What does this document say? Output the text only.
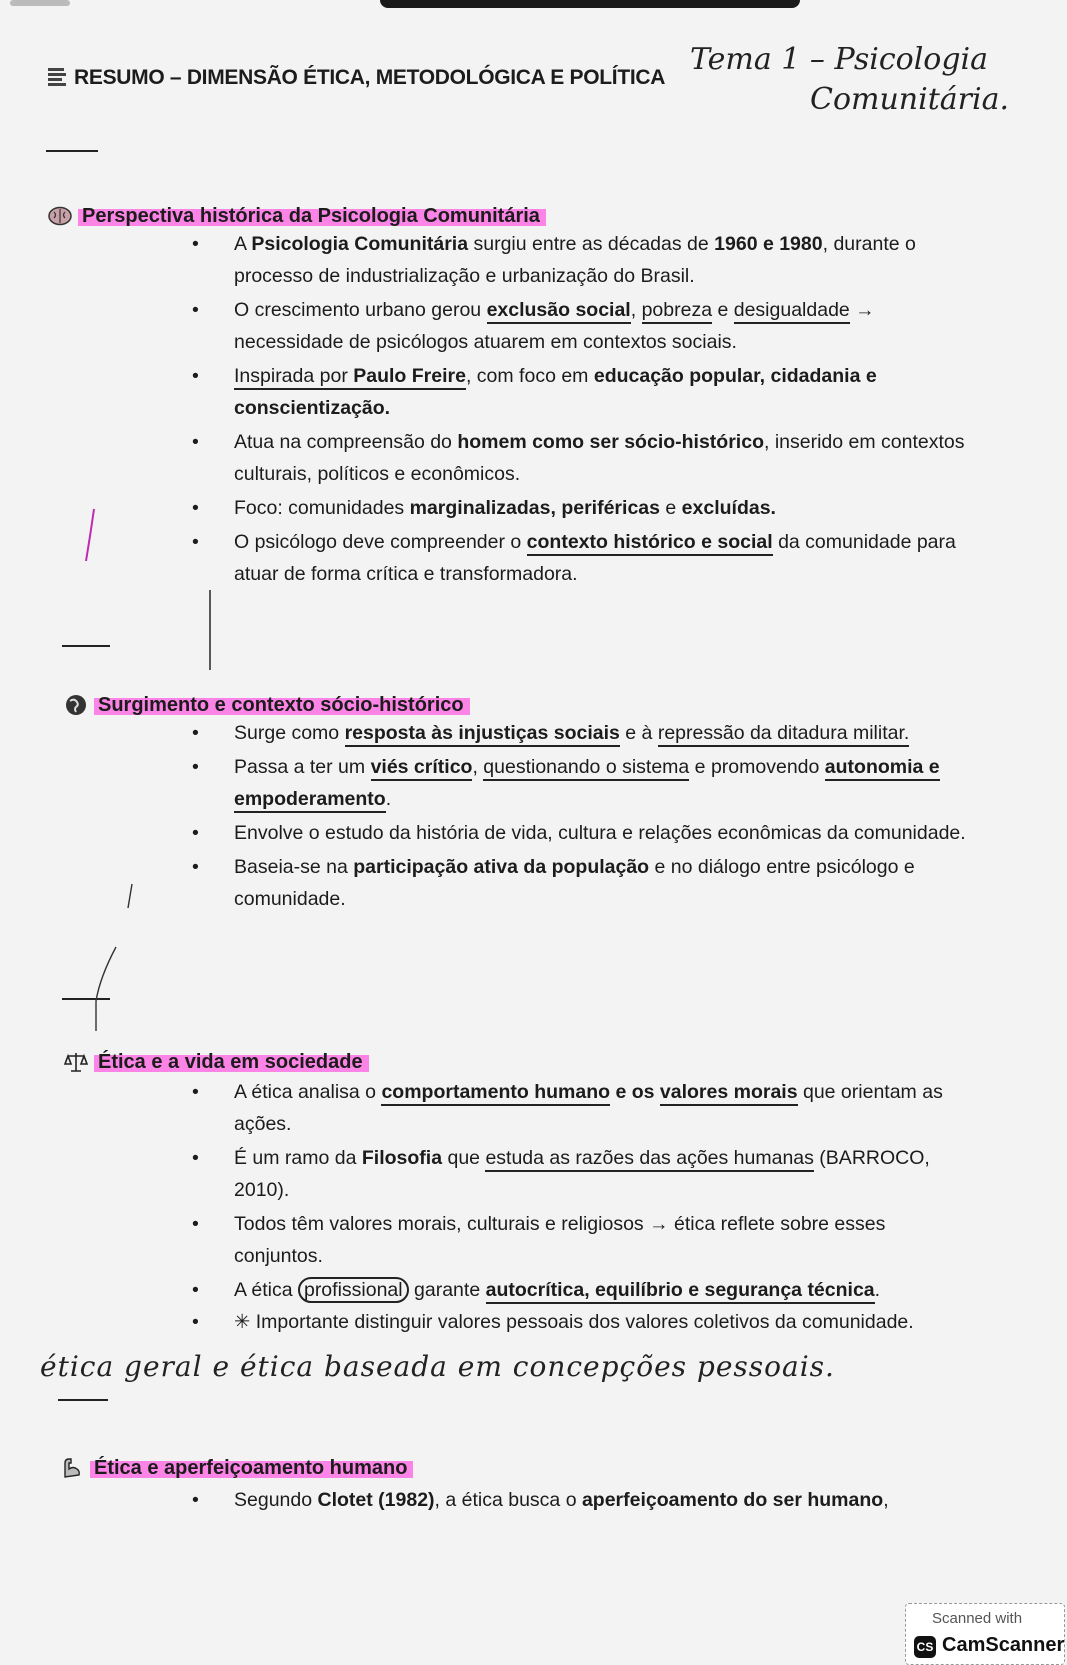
RESUMO – DIMENSÃO ÉTICA, METODOLÓGICA E POLÍTICA
Tema 1 – Psicologia
Comunitária.
Perspectiva histórica da Psicologia Comunitária
• A Psicologia Comunitária surgiu entre as décadas de 1960 e 1980, durante o processo de industrialização e urbanização do Brasil.
• O crescimento urbano gerou exclusão social, pobreza e desigualdade → necessidade de psicólogos atuarem em contextos sociais.
• Inspirada por Paulo Freire, com foco em educação popular, cidadania e conscientização.
• Atua na compreensão do homem como ser sócio-histórico, inserido em contextos culturais, políticos e econômicos.
• Foco: comunidades marginalizadas, periféricas e excluídas.
• O psicólogo deve compreender o contexto histórico e social da comunidade para atuar de forma crítica e transformadora.
Surgimento e contexto sócio-histórico
• Surge como resposta às injustiças sociais e à repressão da ditadura militar.
• Passa a ter um viés crítico, questionando o sistema e promovendo autonomia e empoderamento.
• Envolve o estudo da história de vida, cultura e relações econômicas da comunidade.
• Baseia-se na participação ativa da população e no diálogo entre psicólogo e comunidade.
Ética e a vida em sociedade
• A ética analisa o comportamento humano e os valores morais que orientam as ações.
• É um ramo da Filosofia que estuda as razões das ações humanas (BARROCO, 2010).
• Todos têm valores morais, culturais e religiosos → ética reflete sobre esses conjuntos.
• A ética profissional garante autocrítica, equilíbrio e segurança técnica.
• ✳ Importante distinguir valores pessoais dos valores coletivos da comunidade.
ética geral e ética baseada em concepções pessoais.
Ética e aperfeiçoamento humano
• Segundo Clotet (1982), a ética busca o aperfeiçoamento do ser humano,
Scanned with
CS CamScanner
